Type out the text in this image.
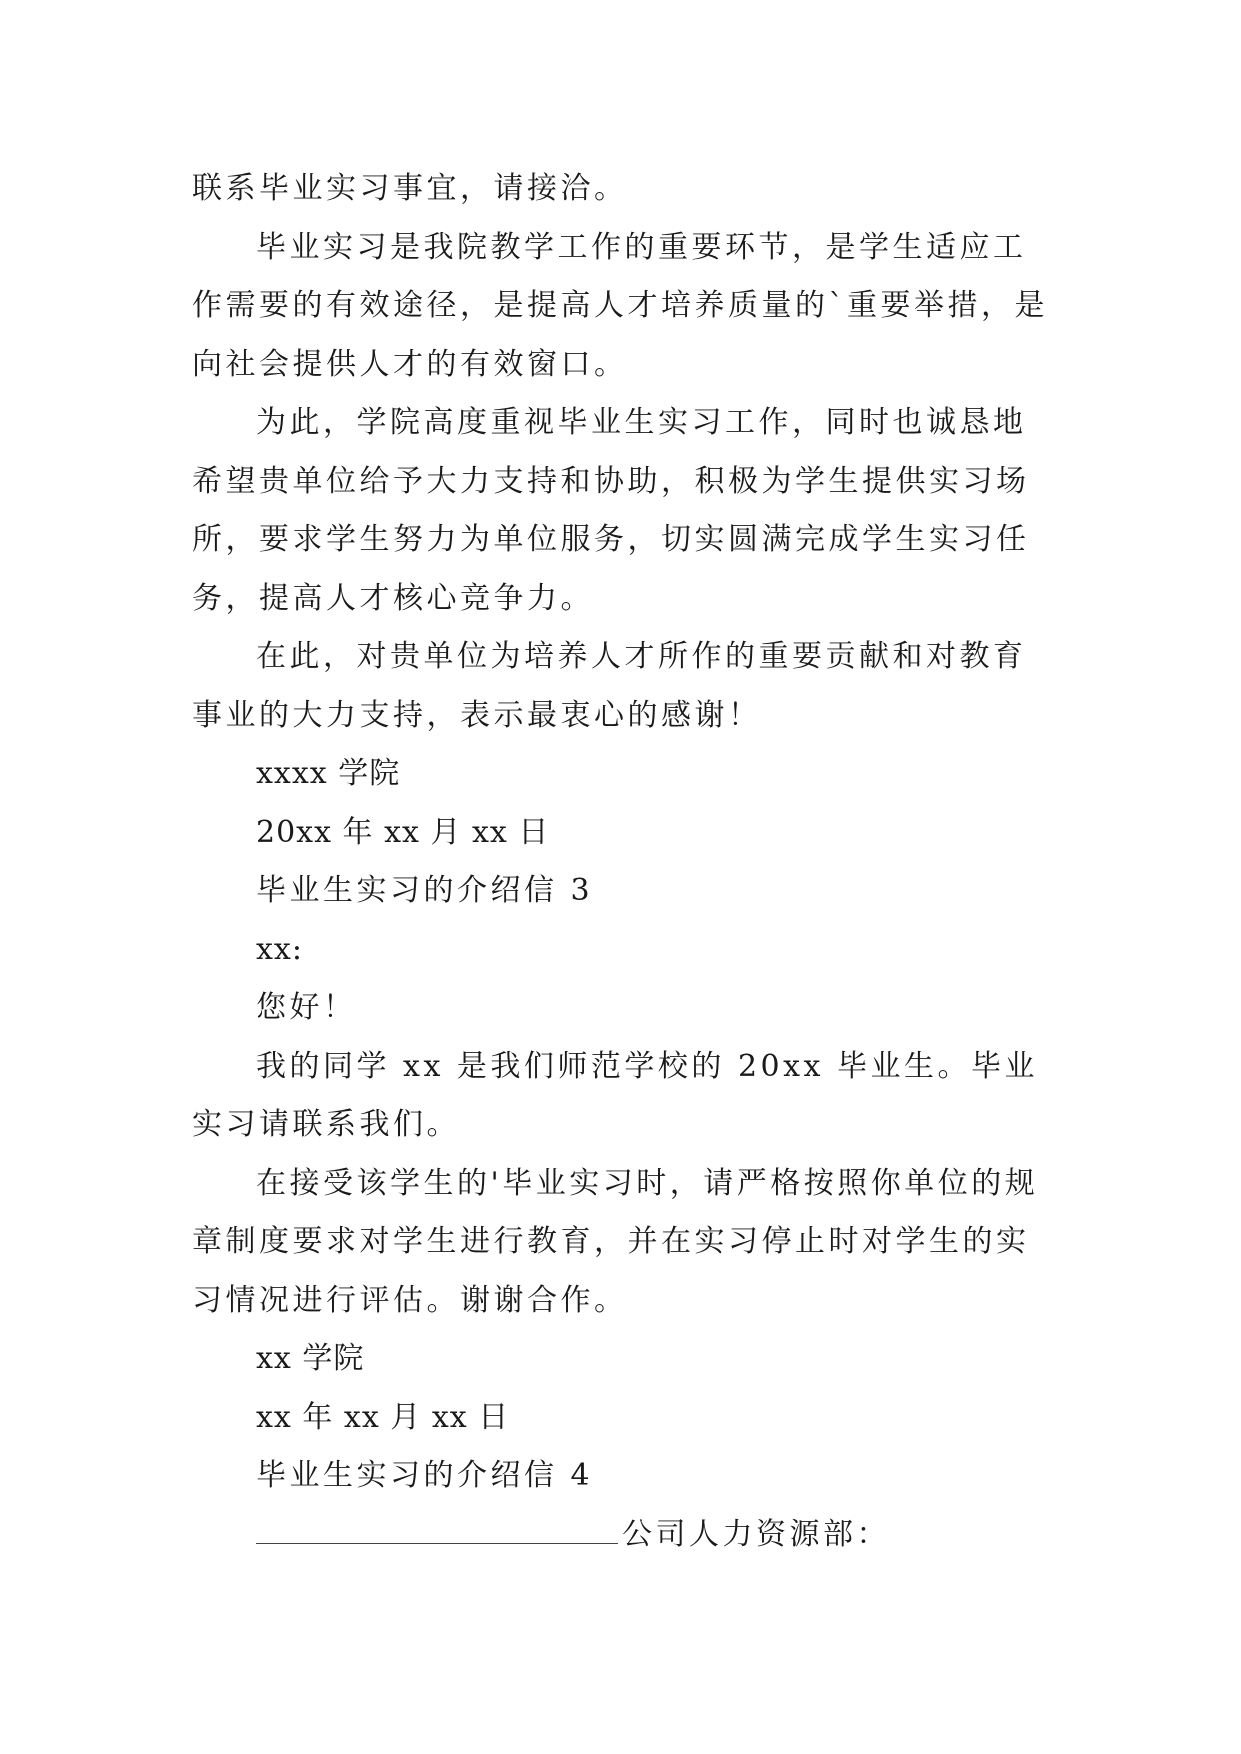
联系毕业实习事宜，请接洽。

毕业实习是我院教学工作的重要环节，是学生适应工作需要的有效途径，是提高人才培养质量的`重要举措，是向社会提供人才的有效窗口。

为此，学院高度重视毕业生实习工作，同时也诚恳地希望贵单位给予大力支持和协助，积极为学生提供实习场所，要求学生努力为单位服务，切实圆满完成学生实习任务，提高人才核心竞争力。

在此，对贵单位为培养人才所作的重要贡献和对教育事业的大力支持，表示最衷心的感谢！

xxxx 学院

20xx 年 xx 月 xx 日

毕业生实习的介绍信 3

xx:

您好！

我的同学 xx 是我们师范学校的 20xx 毕业生。毕业实习请联系我们。

在接受该学生的'毕业实习时，请严格按照你单位的规章制度要求对学生进行教育，并在实习停止时对学生的实习情况进行评估。谢谢合作。

xx 学院

xx 年 xx 月 xx 日

毕业生实习的介绍信 4

公司人力资源部：
